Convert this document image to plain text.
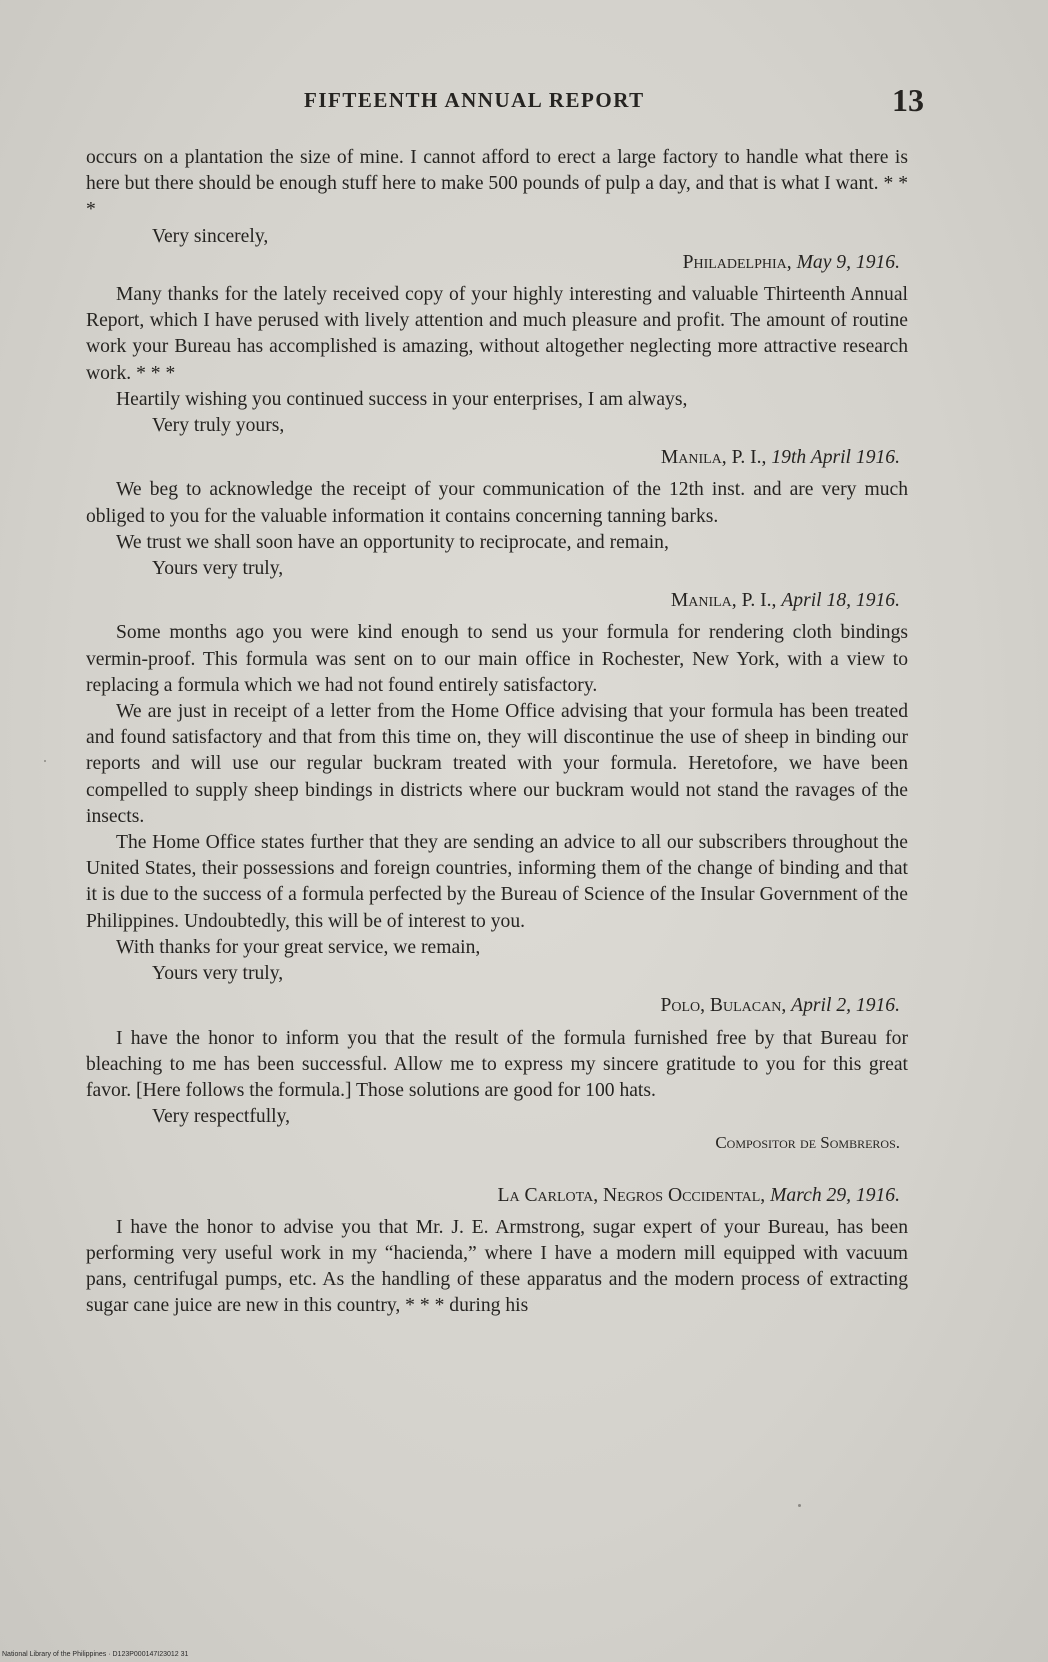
FIFTEENTH ANNUAL REPORT	13

occurs on a plantation the size of mine. I cannot afford to erect a large factory to handle what there is here but there should be enough stuff here to make 500 pounds of pulp a day, and that is what I want. * * *

Very sincerely,

Philadelphia, May 9, 1916.

Many thanks for the lately received copy of your highly interesting and valuable Thirteenth Annual Report, which I have perused with lively attention and much pleasure and profit. The amount of routine work your Bureau has accomplished is amazing, without altogether neglecting more attractive research work. * * *

Heartily wishing you continued success in your enterprises, I am always,

Very truly yours,

Manila, P. I., 19th April 1916.

We beg to acknowledge the receipt of your communication of the 12th inst. and are very much obliged to you for the valuable information it contains concerning tanning barks.

We trust we shall soon have an opportunity to reciprocate, and remain,

Yours very truly,

Manila, P. I., April 18, 1916.

Some months ago you were kind enough to send us your formula for rendering cloth bindings vermin-proof. This formula was sent on to our main office in Rochester, New York, with a view to replacing a formula which we had not found entirely satisfactory.

We are just in receipt of a letter from the Home Office advising that your formula has been treated and found satisfactory and that from this time on, they will discontinue the use of sheep in binding our reports and will use our regular buckram treated with your formula. Heretofore, we have been compelled to supply sheep bindings in districts where our buckram would not stand the ravages of the insects.

The Home Office states further that they are sending an advice to all our subscribers throughout the United States, their possessions and foreign countries, informing them of the change of binding and that it is due to the success of a formula perfected by the Bureau of Science of the Insular Government of the Philippines. Undoubtedly, this will be of interest to you.

With thanks for your great service, we remain,

Yours very truly,

Polo, Bulacan, April 2, 1916.

I have the honor to inform you that the result of the formula furnished free by that Bureau for bleaching to me has been successful. Allow me to express my sincere gratitude to you for this great favor. [Here follows the formula.] Those solutions are good for 100 hats.

Very respectfully,

Compositor de Sombreros.

La Carlota, Negros Occidental, March 29, 1916.

I have the honor to advise you that Mr. J. E. Armstrong, sugar expert of your Bureau, has been performing very useful work in my “hacienda,” where I have a modern mill equipped with vacuum pans, centrifugal pumps, etc. As the handling of these apparatus and the modern process of extracting sugar cane juice are new in this country, * * * during his

National Library of the Philippines · D123P000147I23012 31
